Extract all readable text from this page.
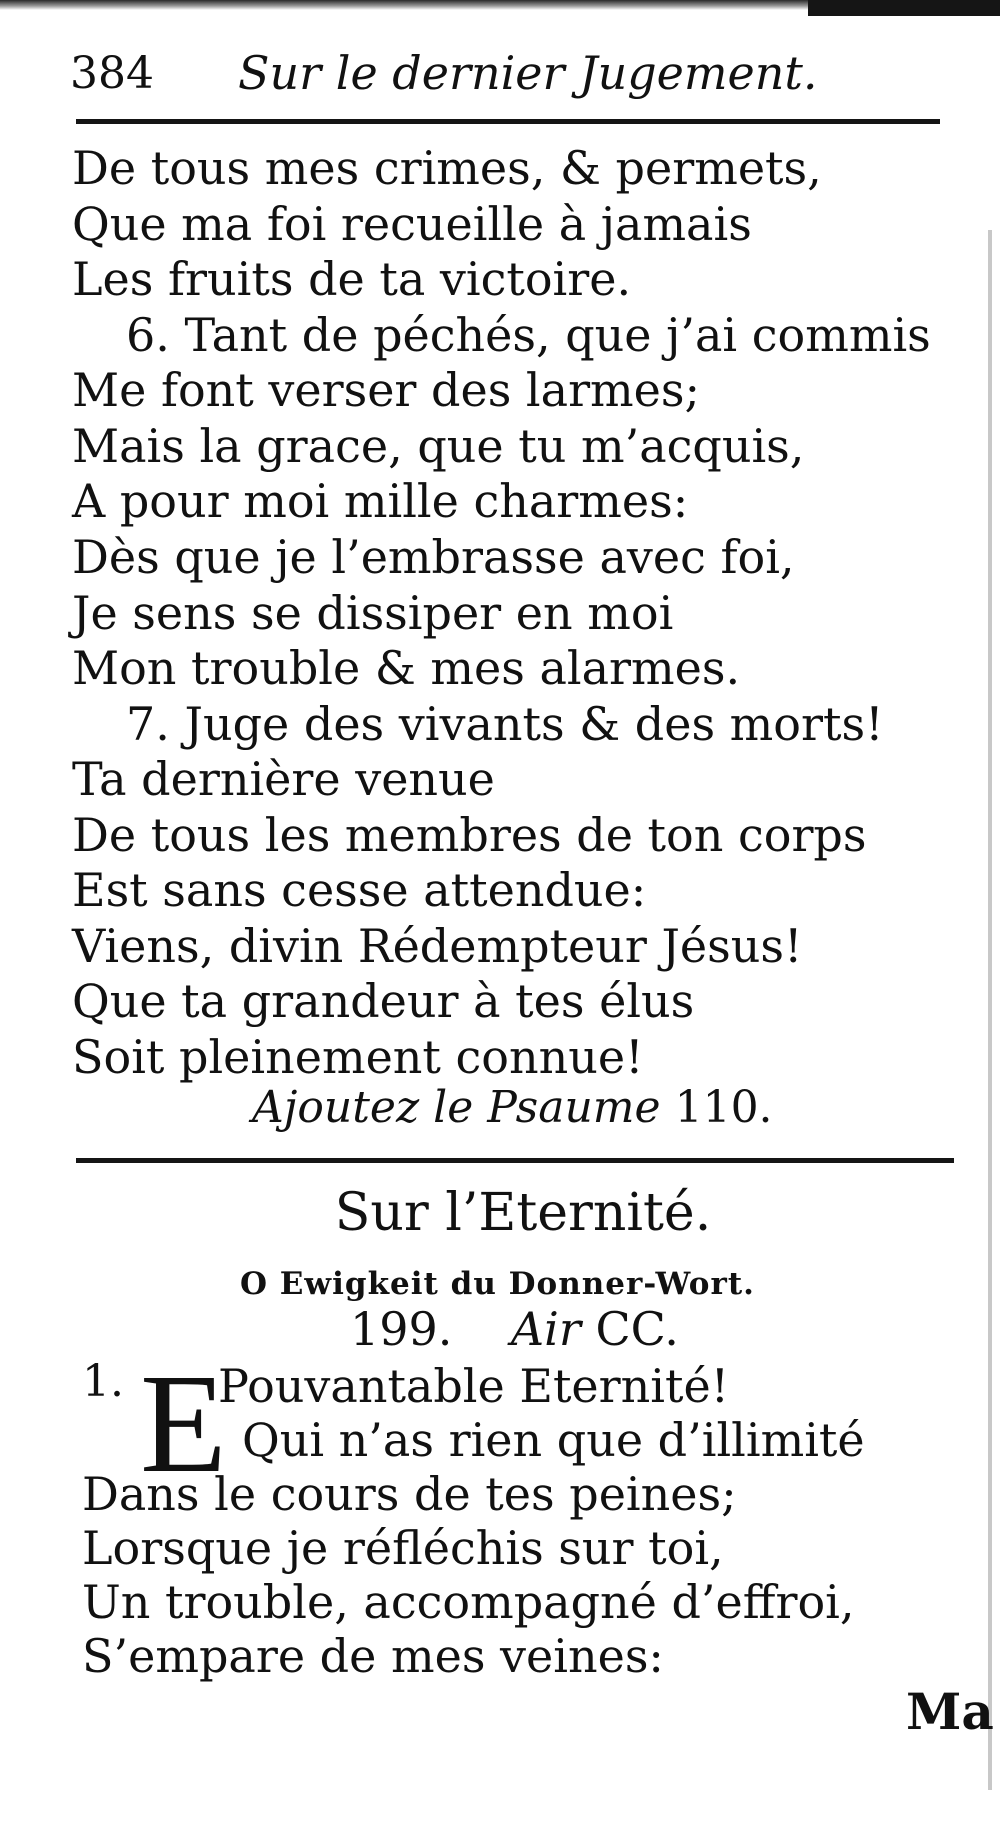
384 Sur le dernier Jugement.
De tous mes crimes, & permets,
Que ma foi recueille à jamais
Les fruits de ta victoire.
6. Tant de péchés, que j’ai commis
Me font verser des larmes;
Mais la grace, que tu m’acquis,
A pour moi mille charmes:
Dès que je l’embrasse avec foi,
Je sens se dissiper en moi
Mon trouble & mes alarmes.
7. Juge des vivants & des morts!
Ta dernière venue
De tous les membres de ton corps
Est sans cesse attendue:
Viens, divin Rédempteur Jésus!
Que ta grandeur à tes élus
Soit pleinement connue!
Ajoutez le Psaume 110.
Sur l’Eternité.
O Ewigkeit du Donner-Wort.
199. Air CC.
1. E
Pouvantable Eternité!
Qui n’as rien que d’illimité
Dans le cours de tes peines;
Lorsque je réfléchis sur toi,
Un trouble, accompagné d’effroi,
S’empare de mes veines:
Ma
